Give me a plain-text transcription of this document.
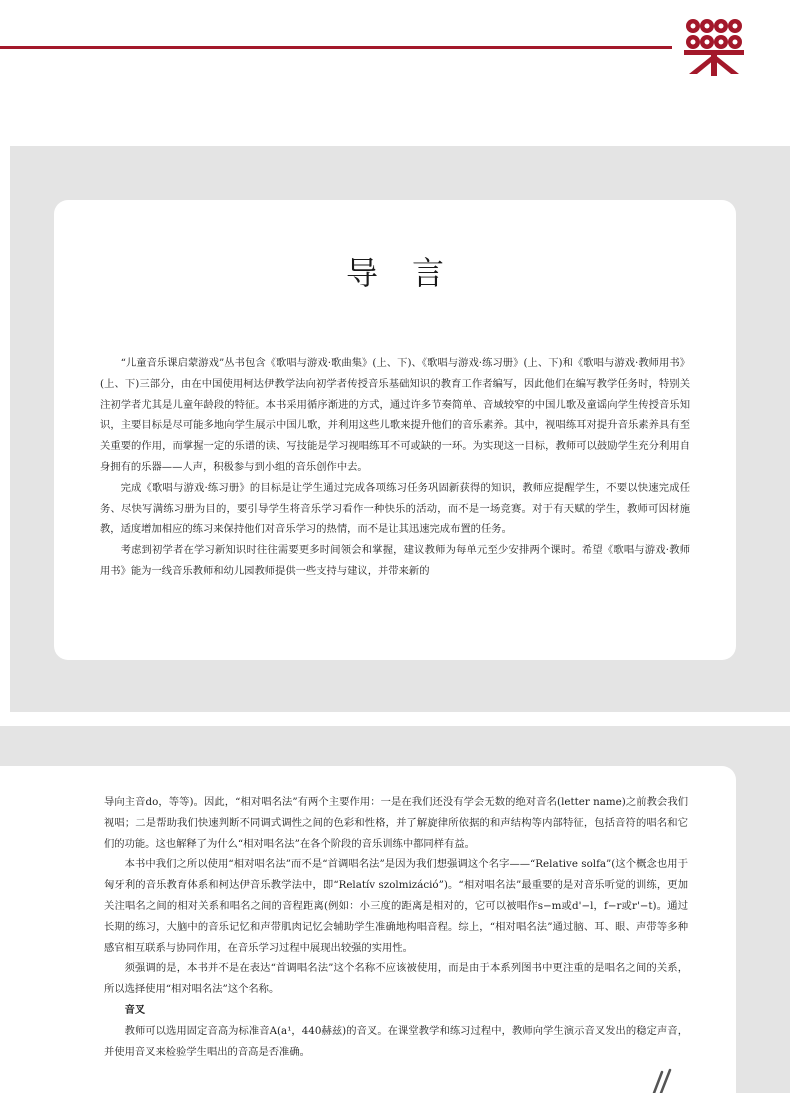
导言

“儿童音乐课启蒙游戏”丛书包含《歌唱与游戏·歌曲集》(上、下)、《歌唱与游戏·练习册》(上、下)和《歌唱与游戏·教师用书》(上、下)三部分，由在中国使用柯达伊教学法向初学者传授音乐基础知识的教育工作者编写，因此他们在编写教学任务时，特别关注初学者尤其是儿童年龄段的特征。本书采用循序渐进的方式，通过许多节奏简单、音域较窄的中国儿歌及童谣向学生传授音乐知识，主要目标是尽可能多地向学生展示中国儿歌，并利用这些儿歌来提升他们的音乐素养。其中，视唱练耳对提升音乐素养具有至关重要的作用，而掌握一定的乐谱的读、写技能是学习视唱练耳不可或缺的一环。为实现这一目标，教师可以鼓励学生充分利用自身拥有的乐器——人声，积极参与到小组的音乐创作中去。

完成《歌唱与游戏·练习册》的目标是让学生通过完成各项练习任务巩固新获得的知识，教师应提醒学生，不要以快速完成任务、尽快写满练习册为目的，要引导学生将音乐学习看作一种快乐的活动，而不是一场竞赛。对于有天赋的学生，教师可因材施教，适度增加相应的练习来保持他们对音乐学习的热情，而不是让其迅速完成布置的任务。

考虑到初学者在学习新知识时往往需要更多时间领会和掌握，建议教师为每单元至少安排两个课时。希望《歌唱与游戏·教师用书》能为一线音乐教师和幼儿园教师提供一些支持与建议，并带来新的

导向主音do，等等)。因此，“相对唱名法”有两个主要作用：一是在我们还没有学会无数的绝对音名(letter name)之前教会我们视唱；二是帮助我们快速判断不同调式调性之间的色彩和性格，并了解旋律所依据的和声结构等内部特征，包括音符的唱名和它们的功能。这也解释了为什么“相对唱名法”在各个阶段的音乐训练中都同样有益。

本书中我们之所以使用“相对唱名法”而不是“首调唱名法”是因为我们想强调这个名字——“Relative solfa”(这个概念也用于匈牙利的音乐教育体系和柯达伊音乐教学法中，即“Relatív szolmizáció”)。“相对唱名法”最重要的是对音乐听觉的训练，更加关注唱名之间的相对关系和唱名之间的音程距离(例如：小三度的距离是相对的，它可以被唱作s−m或d'−l，f−r或r'−t)。通过长期的练习，大脑中的音乐记忆和声带肌肉记忆会辅助学生准确地构唱音程。综上，“相对唱名法”通过脑、耳、眼、声带等多种感官相互联系与协同作用，在音乐学习过程中展现出较强的实用性。

须强调的是，本书并不是在表达“首调唱名法”这个名称不应该被使用，而是由于本系列图书中更注重的是唱名之间的关系，所以选择使用“相对唱名法”这个名称。

音叉

教师可以选用固定音高为标准音A(a¹，440赫兹)的音叉。在课堂教学和练习过程中，教师向学生演示音叉发出的稳定声音，并使用音叉来检验学生唱出的音高是否准确。
